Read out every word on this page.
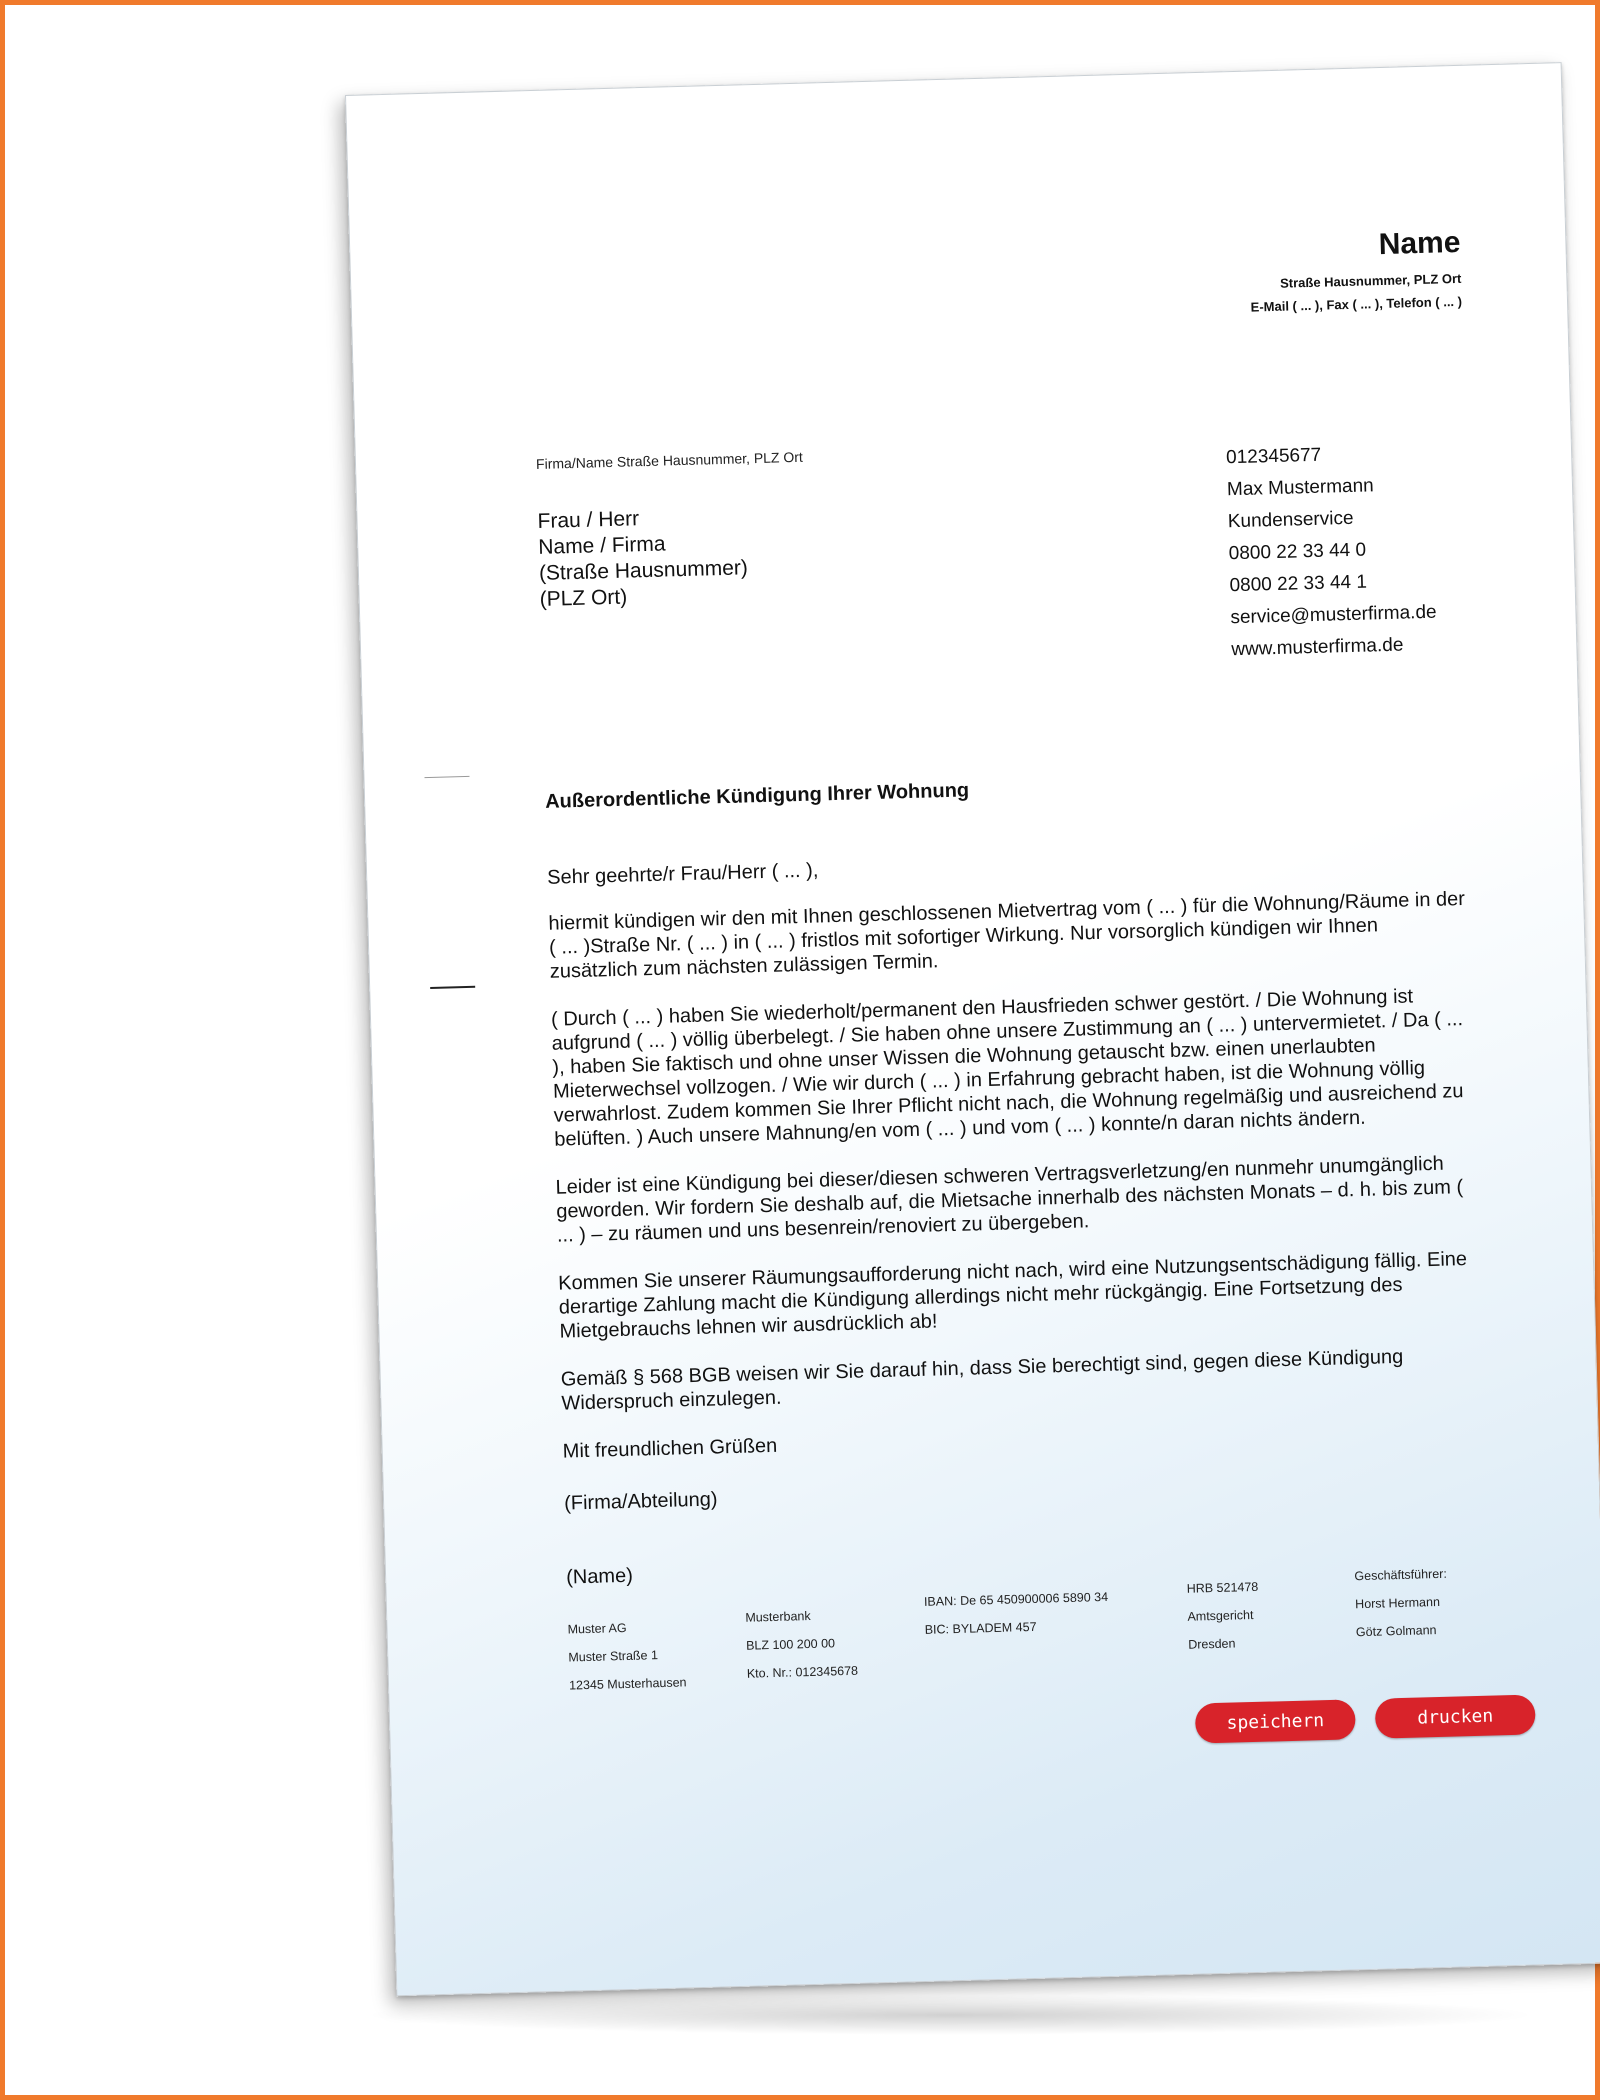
Name
Straße Hausnummer, PLZ Ort
E-Mail ( ... ), Fax ( ... ), Telefon ( ... )
Firma/Name Straße Hausnummer, PLZ Ort
Frau / Herr
Name / Firma
(Straße Hausnummer)
(PLZ Ort)
012345677
Max Mustermann
Kundenservice
0800 22 33 44 0
0800 22 33 44 1
service@musterfirma.de
www.musterfirma.de
Außerordentliche Kündigung Ihrer Wohnung

Sehr geehrte/r Frau/Herr ( ... ),

hiermit kündigen wir den mit Ihnen geschlossenen Mietvertrag vom ( ... ) für die Wohnung/Räume in der ( ... )Straße Nr. ( ... ) in ( ... ) fristlos mit sofortiger Wirkung. Nur vorsorglich kündigen wir Ihnen zusätzlich zum nächsten zulässigen Termin.

( Durch ( ... ) haben Sie wiederholt/permanent den Hausfrieden schwer gestört. / Die Wohnung ist aufgrund ( ... ) völlig überbelegt. / Sie haben ohne unsere Zustimmung an ( ... ) untervermietet. / Da ( ... ), haben Sie faktisch und ohne unser Wissen die Wohnung getauscht bzw. einen unerlaubten Mieterwechsel vollzogen. / Wie wir durch ( ... ) in Erfahrung gebracht haben, ist die Wohnung völlig verwahrlost. Zudem kommen Sie Ihrer Pflicht nicht nach, die Wohnung regelmäßig und ausreichend zu belüften. ) Auch unsere Mahnung/en vom ( ... ) und vom ( ... ) konnte/n daran nichts ändern.

Leider ist eine Kündigung bei dieser/diesen schweren Vertragsverletzung/en nunmehr unumgänglich geworden. Wir fordern Sie deshalb auf, die Mietsache innerhalb des nächsten Monats – d. h. bis zum ( ... ) – zu räumen und uns besenrein/renoviert zu übergeben.

Kommen Sie unserer Räumungsaufforderung nicht nach, wird eine Nutzungsentschädigung fällig. Eine derartige Zahlung macht die Kündigung allerdings nicht mehr rückgängig. Eine Fortsetzung des Mietgebrauchs lehnen wir ausdrücklich ab!

Gemäß § 568 BGB weisen wir Sie darauf hin, dass Sie berechtigt sind, gegen diese Kündigung Widerspruch einzulegen.

Mit freundlichen Grüßen

(Firma/Abteilung)

(Name)

Muster AG
Muster Straße 1
12345 Musterhausen
Musterbank
BLZ 100 200 00
Kto. Nr.: 012345678
IBAN: De 65 450900006 5890 34
BIC: BYLADEM 457
HRB 521478
Amtsgericht
Dresden
Geschäftsführer:
Horst Hermann
Götz Golmann
speichern	drucken
